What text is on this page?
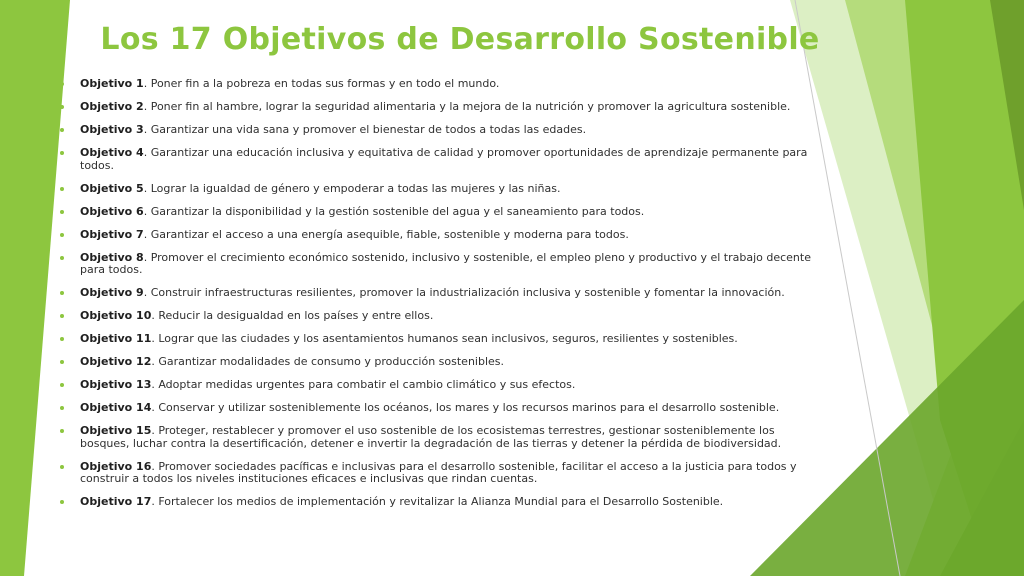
Los 17 Objetivos de Desarrollo Sostenible
Objetivo 1. Poner fin a la pobreza en todas sus formas y en todo el mundo.
Objetivo 2. Poner fin al hambre, lograr la seguridad alimentaria y la mejora de la nutrición y promover la agricultura sostenible.
Objetivo 3. Garantizar una vida sana y promover el bienestar de todos a todas las edades.
Objetivo 4. Garantizar una educación inclusiva y equitativa de calidad y promover oportunidades de aprendizaje permanente para todos.
Objetivo 5. Lograr la igualdad de género y empoderar a todas las mujeres y las niñas.
Objetivo 6. Garantizar la disponibilidad y la gestión sostenible del agua y el saneamiento para todos.
Objetivo 7. Garantizar el acceso a una energía asequible, fiable, sostenible y moderna para todos.
Objetivo 8. Promover el crecimiento económico sostenido, inclusivo y sostenible, el empleo pleno y productivo y el trabajo decente para todos.
Objetivo 9. Construir infraestructuras resilientes, promover la industrialización inclusiva y sostenible y fomentar la innovación.
Objetivo 10. Reducir la desigualdad en los países y entre ellos.
Objetivo 11. Lograr que las ciudades y los asentamientos humanos sean inclusivos, seguros, resilientes y sostenibles.
Objetivo 12. Garantizar modalidades de consumo y producción sostenibles.
Objetivo 13. Adoptar medidas urgentes para combatir el cambio climático y sus efectos.
Objetivo 14. Conservar y utilizar sosteniblemente los océanos, los mares y los recursos marinos para el desarrollo sostenible.
Objetivo 15. Proteger, restablecer y promover el uso sostenible de los ecosistemas terrestres, gestionar sosteniblemente los bosques, luchar contra la desertificación, detener e invertir la degradación de las tierras y detener la pérdida de biodiversidad.
Objetivo 16. Promover sociedades pacíficas e inclusivas para el desarrollo sostenible, facilitar el acceso a la justicia para todos y construir a todos los niveles instituciones eficaces e inclusivas que rindan cuentas.
Objetivo 17. Fortalecer los medios de implementación y revitalizar la Alianza Mundial para el Desarrollo Sostenible.
